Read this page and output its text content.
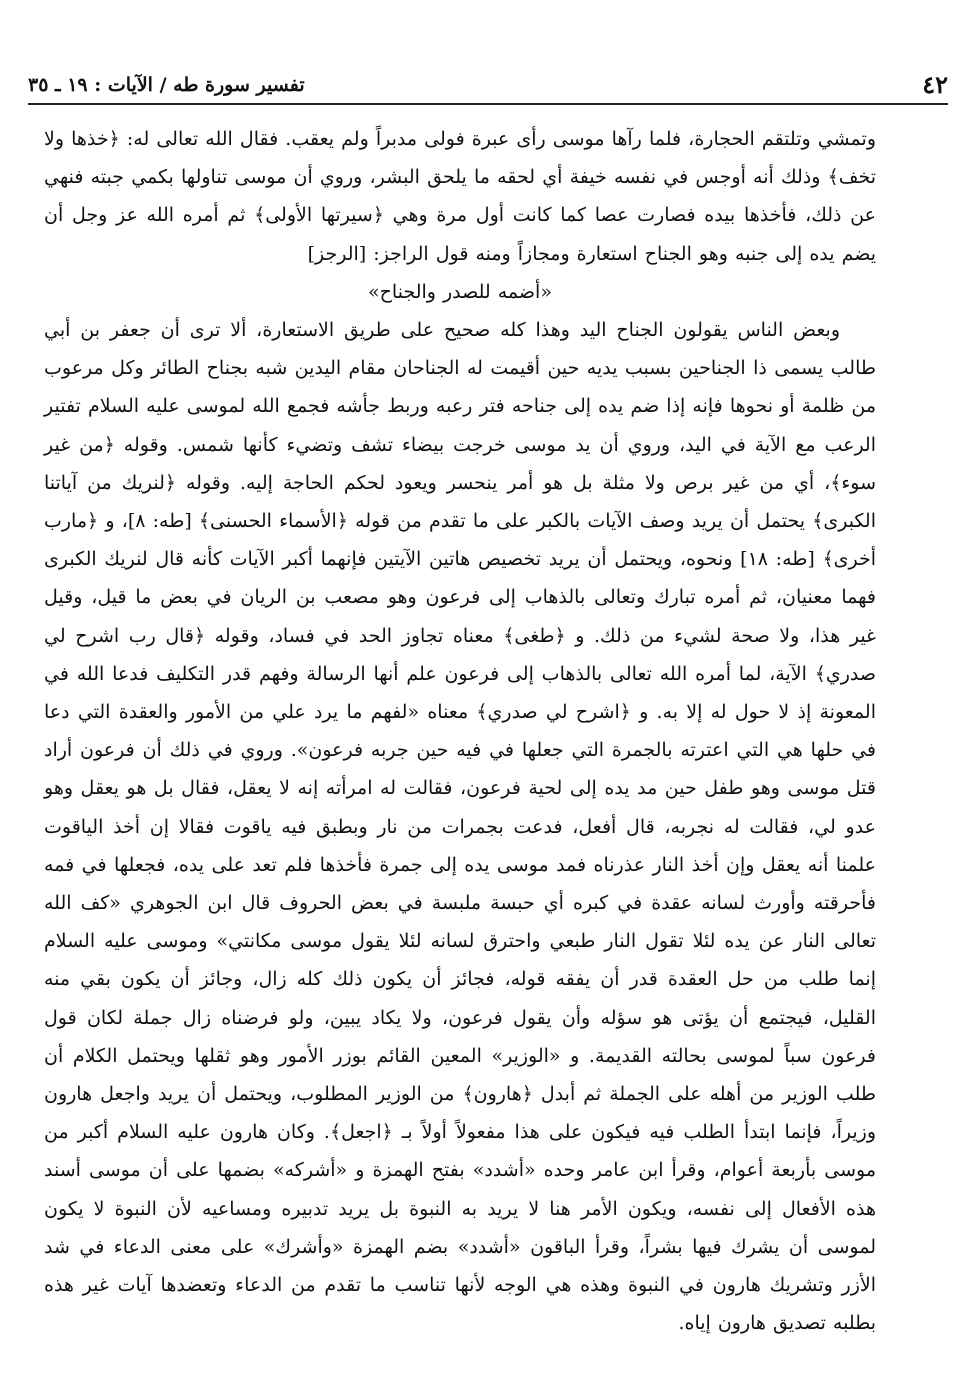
٤٢
تفسير سورة طه / الآيات : ١٩ ـ ٣٥

وتمشي وتلتقم الحجارة، فلما رآها موسى رأى عبرة فولى مدبراً ولم يعقب. فقال الله تعالى له: ﴿خذها ولا تخف﴾ وذلك أنه أوجس في نفسه خيفة أي لحقه ما يلحق البشر، وروي أن موسى تناولها بكمي جبته فنهي عن ذلك، فأخذها بيده فصارت عصا كما كانت أول مرة وهي ﴿سيرتها الأولى﴾ ثم أمره الله عز وجل أن يضم يده إلى جنبه وهو الجناح استعارة ومجازاً ومنه قول الراجز: [الرجز]

«أضمه للصدر والجناح»

وبعض الناس يقولون الجناح اليد وهذا كله صحيح على طريق الاستعارة، ألا ترى أن جعفر بن أبي طالب يسمى ذا الجناحين بسبب يديه حين أقيمت له الجناحان مقام اليدين شبه بجناح الطائر وكل مرعوب من ظلمة أو نحوها فإنه إذا ضم يده إلى جناحه فتر رعبه وربط جأشه فجمع الله لموسى عليه السلام تفتير الرعب مع الآية في اليد، وروي أن يد موسى خرجت بيضاء تشف وتضيء كأنها شمس. وقوله ﴿من غير سوء﴾، أي من غير برص ولا مثلة بل هو أمر ينحسر ويعود لحكم الحاجة إليه. وقوله ﴿لنريك من آياتنا الكبرى﴾ يحتمل أن يريد وصف الآيات بالكبر على ما تقدم من قوله ﴿الأسماء الحسنى﴾ [طه: ٨]، و ﴿مارب أخرى﴾ [طه: ١٨] ونحوه، ويحتمل أن يريد تخصيص هاتين الآيتين فإنهما أكبر الآيات كأنه قال لنريك الكبرى فهما معنيان، ثم أمره تبارك وتعالى بالذهاب إلى فرعون وهو مصعب بن الريان في بعض ما قيل، وقيل غير هذا، ولا صحة لشيء من ذلك. و ﴿طغى﴾ معناه تجاوز الحد في فساد، وقوله ﴿قال رب اشرح لي صدري﴾ الآية، لما أمره الله تعالى بالذهاب إلى فرعون علم أنها الرسالة وفهم قدر التكليف فدعا الله في المعونة إذ لا حول له إلا به. و ﴿اشرح لي صدري﴾ معناه «لفهم ما يرد علي من الأمور والعقدة التي دعا في حلها هي التي اعترته بالجمرة التي جعلها في فيه حين جربه فرعون». وروي في ذلك أن فرعون أراد قتل موسى وهو طفل حين مد يده إلى لحية فرعون، فقالت له امرأته إنه لا يعقل، فقال بل هو يعقل وهو عدو لي، فقالت له نجربه، قال أفعل، فدعت بجمرات من نار وبطبق فيه ياقوت فقالا إن أخذ الياقوت علمنا أنه يعقل وإن أخذ النار عذرناه فمد موسى يده إلى جمرة فأخذها فلم تعد على يده، فجعلها في فمه فأحرقته وأورث لسانه عقدة في كبره أي حبسة ملبسة في بعض الحروف قال ابن الجوهري «كف الله تعالى النار عن يده لئلا تقول النار طبعي واحترق لسانه لئلا يقول موسى مكانتي» وموسى عليه السلام إنما طلب من حل العقدة قدر أن يفقه قوله، فجائز أن يكون ذلك كله زال، وجائز أن يكون بقي منه القليل، فيجتمع أن يؤتى هو سؤله وأن يقول فرعون، ولا يكاد يبين، ولو فرضناه زال جملة لكان قول فرعون سباً لموسى بحالته القديمة. و «الوزير» المعين القائم بوزر الأمور وهو ثقلها ويحتمل الكلام أن طلب الوزير من أهله على الجملة ثم أبدل ﴿هارون﴾ من الوزير المطلوب، ويحتمل أن يريد واجعل هارون وزيراً، فإنما ابتدأ الطلب فيه فيكون على هذا مفعولاً أولاً بـ ﴿اجعل﴾. وكان هارون عليه السلام أكبر من موسى بأربعة أعوام، وقرأ ابن عامر وحده «أشدد» بفتح الهمزة و «أشركه» بضمها على أن موسى أسند هذه الأفعال إلى نفسه، ويكون الأمر هنا لا يريد به النبوة بل يريد تدبيره ومساعيه لأن النبوة لا يكون لموسى أن يشرك فيها بشراً، وقرأ الباقون «أشدد» بضم الهمزة «وأشرك» على معنى الدعاء في شد الأزر وتشريك هارون في النبوة وهذه هي الوجه لأنها تناسب ما تقدم من الدعاء وتعضدها آيات غير هذه بطلبه تصديق هارون إياه.
